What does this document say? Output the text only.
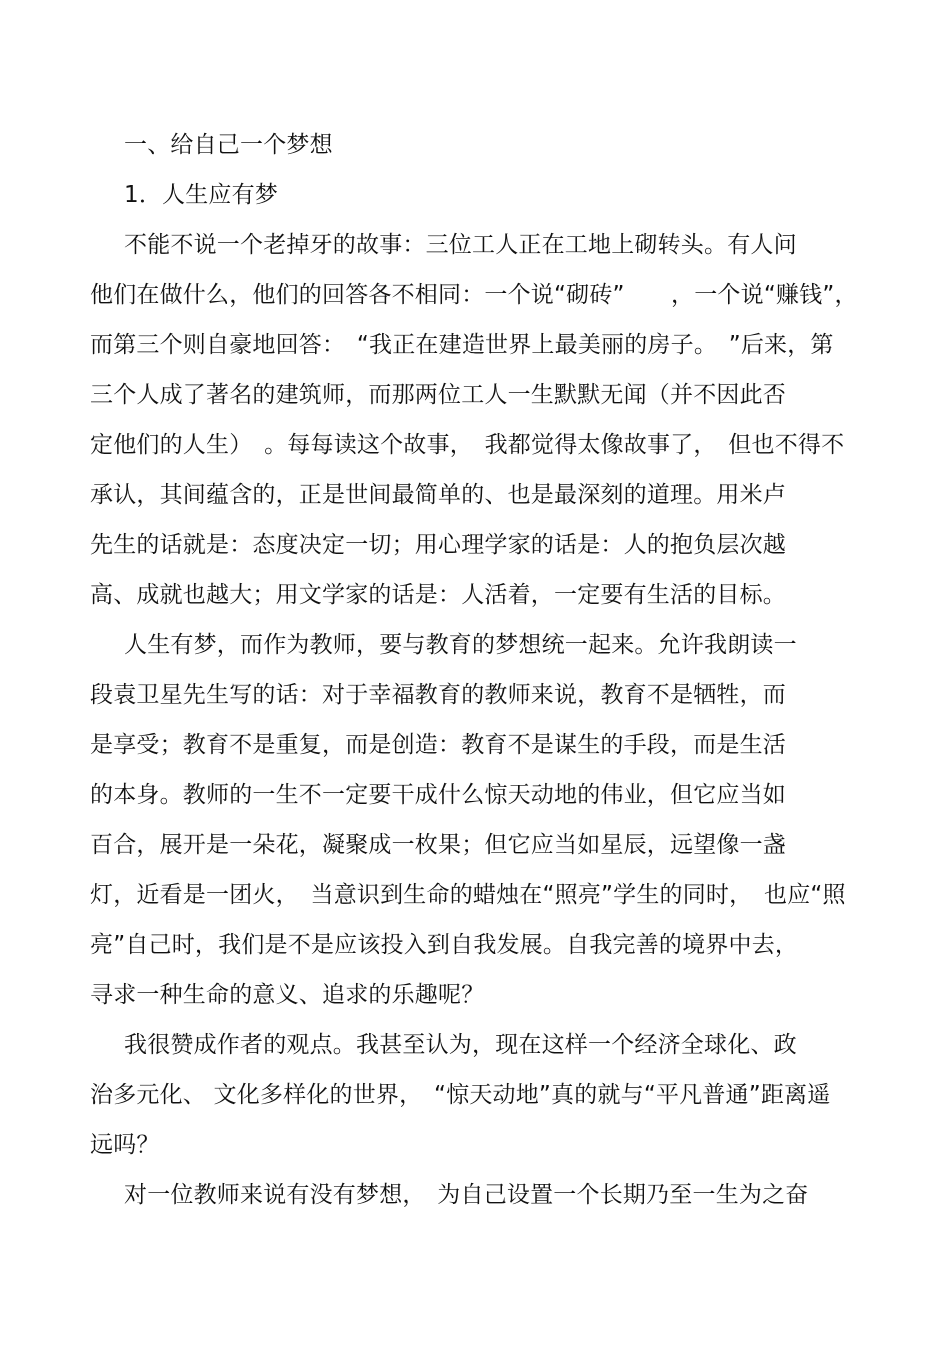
一、给自己一个梦想
1．人生应有梦
不能不说一个老掉牙的故事：三位工人正在工地上砌转头。有人问
他们在做什么，他们的回答各不相同：一个说“砌砖”　　，一个说“赚钱”，
而第三个则自豪地回答：　“我正在建造世界上最美丽的房子。　”后来，第
三个人成了著名的建筑师，而那两位工人一生默默无闻（并不因此否
定他们的人生）　。每每读这个故事，　我都觉得太像故事了，　但也不得不
承认，其间蕴含的，正是世间最简单的、也是最深刻的道理。用米卢
先生的话就是：态度决定一切；用心理学家的话是：人的抱负层次越
高、成就也越大；用文学家的话是：人活着，一定要有生活的目标。
人生有梦，而作为教师，要与教育的梦想统一起来。允许我朗读一
段袁卫星先生写的话：对于幸福教育的教师来说，教育不是牺牲，而
是享受；教育不是重复，而是创造：教育不是谋生的手段，而是生活
的本身。教师的一生不一定要干成什么惊天动地的伟业，但它应当如
百合，展开是一朵花，凝聚成一枚果；但它应当如星辰，远望像一盏
灯，近看是一团火，　当意识到生命的蜡烛在“照亮”学生的同时，　也应“照
亮”自己时，我们是不是应该投入到自我发展。自我完善的境界中去，
寻求一种生命的意义、追求的乐趣呢？
我很赞成作者的观点。我甚至认为，现在这样一个经济全球化、政
治多元化、 文化多样化的世界，　“惊天动地”真的就与“平凡普通”距离遥
远吗？
对一位教师来说有没有梦想，　为自己设置一个长期乃至一生为之奋
